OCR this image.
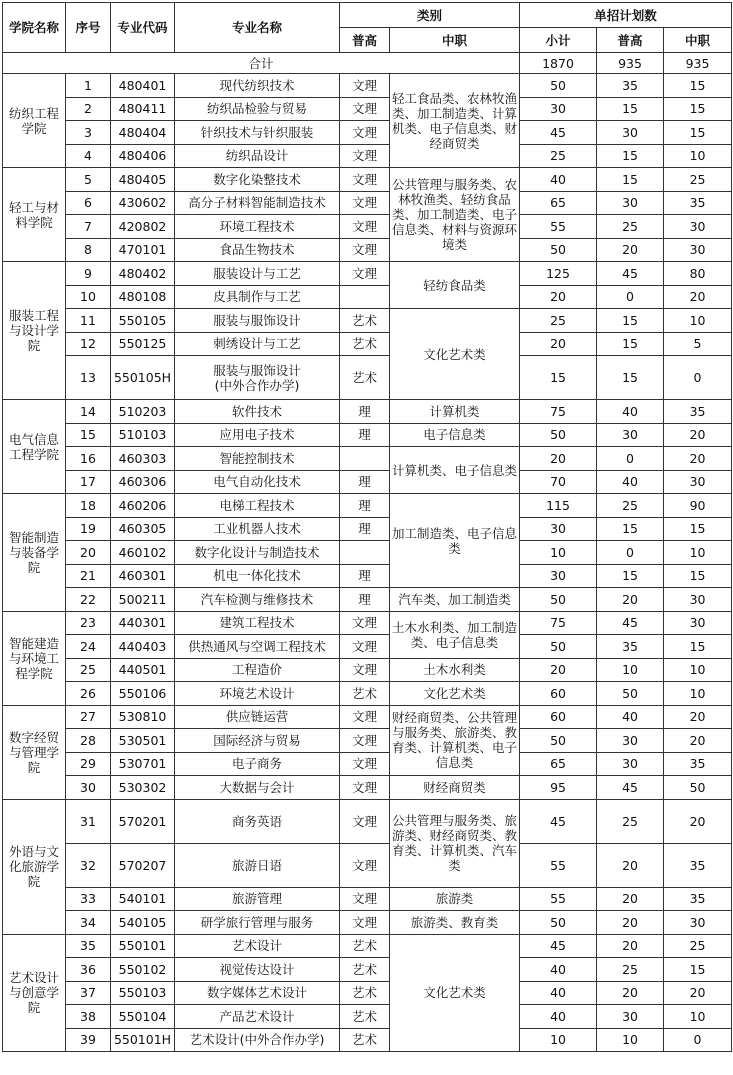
学院名称	序号	专业代码	专业名称	类别		单招计划数		
				普高	中职	小计	普高	中职
合计						1870	935	935
纺织工程学院	1	480401	现代纺织技术	文理	轻工食品类、农林牧渔类、加工制造类、计算机类、电子信息类、财经商贸类	50	35	15
	2	480411	纺织品检验与贸易	文理		30	15	15
	3	480404	针织技术与针织服装	文理		45	30	15
	4	480406	纺织品设计	文理		25	15	10
轻工与材料学院	5	480405	数字化染整技术	文理	公共管理与服务类、农林牧渔类、轻纺食品类、加工制造类、电子信息类、材料与资源环境类	40	15	25
	6	430602	高分子材料智能制造技术	文理		65	30	35
	7	420802	环境工程技术	文理		55	25	30
	8	470101	食品生物技术	文理		50	20	30
服装工程与设计学院	9	480402	服装设计与工艺	文理	轻纺食品类	125	45	80
	10	480108	皮具制作与工艺			20	0	20
	11	550105	服装与服饰设计	艺术	文化艺术类	25	15	10
	12	550125	刺绣设计与工艺	艺术		20	15	5
	13	550105H	服装与服饰设计
(中外合作办学)	艺术		15	15	0
电气信息工程学院	14	510203	软件技术	理	计算机类	75	40	35
	15	510103	应用电子技术	理	电子信息类	50	30	20
	16	460303	智能控制技术		计算机类、电子信息类	20	0	20
	17	460306	电气自动化技术	理		70	40	30
智能制造与装备学院	18	460206	电梯工程技术	理	加工制造类、电子信息类	115	25	90
	19	460305	工业机器人技术	理		30	15	15
	20	460102	数字化设计与制造技术			10	0	10
	21	460301	机电一体化技术	理		30	15	15
	22	500211	汽车检测与维修技术	理	汽车类、加工制造类	50	20	30
智能建造与环境工程学院	23	440301	建筑工程技术	文理	土木水利类、加工制造类、电子信息类	75	45	30
	24	440403	供热通风与空调工程技术	文理		50	35	15
	25	440501	工程造价	文理	土木水利类	20	10	10
	26	550106	环境艺术设计	艺术	文化艺术类	60	50	10
数字经贸与管理学院	27	530810	供应链运营	文理	财经商贸类、公共管理与服务类、旅游类、教育类、计算机类、电子信息类	60	40	20
	28	530501	国际经济与贸易	文理		50	30	20
	29	530701	电子商务	文理		65	30	35
	30	530302	大数据与会计	文理	财经商贸类	95	45	50
外语与文化旅游学院	31	570201	商务英语	文理	公共管理与服务类、旅游类、财经商贸类、教育类、计算机类、汽车类	45	25	20
	32	570207	旅游日语	文理		55	20	35
	33	540101	旅游管理	文理	旅游类	55	20	35
	34	540105	研学旅行管理与服务	文理	旅游类、教育类	50	20	30
艺术设计与创意学院	35	550101	艺术设计	艺术	文化艺术类	45	20	25
	36	550102	视觉传达设计	艺术		40	25	15
	37	550103	数字媒体艺术设计	艺术		40	20	20
	38	550104	产品艺术设计	艺术		40	30	10
	39	550101H	艺术设计(中外合作办学)	艺术		10	10	0
